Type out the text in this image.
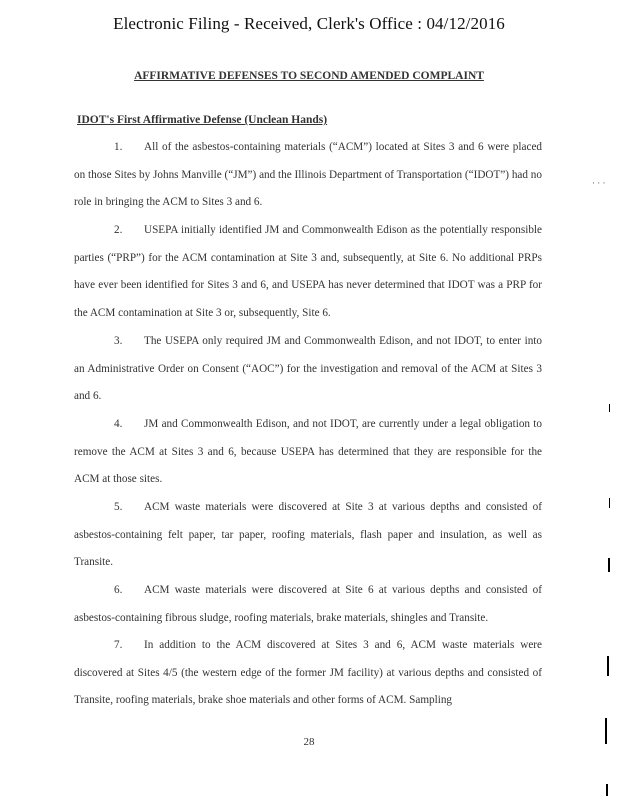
Electronic Filing - Received, Clerk's Office : 04/12/2016
AFFIRMATIVE DEFENSES TO SECOND AMENDED COMPLAINT
IDOT's First Affirmative Defense (Unclean Hands)
1. All of the asbestos-containing materials (“ACM”) located at Sites 3 and 6 were placed on those Sites by Johns Manville (“JM”) and the Illinois Department of Transportation (“IDOT”) had no role in bringing the ACM to Sites 3 and 6.
2. USEPA initially identified JM and Commonwealth Edison as the potentially responsible parties (“PRP”) for the ACM contamination at Site 3 and, subsequently, at Site 6. No additional PRPs have ever been identified for Sites 3 and 6, and USEPA has never determined that IDOT was a PRP for the ACM contamination at Site 3 or, subsequently, Site 6.
3. The USEPA only required JM and Commonwealth Edison, and not IDOT, to enter into an Administrative Order on Consent (“AOC”) for the investigation and removal of the ACM at Sites 3 and 6.
4. JM and Commonwealth Edison, and not IDOT, are currently under a legal obligation to remove the ACM at Sites 3 and 6, because USEPA has determined that they are responsible for the ACM at those sites.
5. ACM waste materials were discovered at Site 3 at various depths and consisted of asbestos-containing felt paper, tar paper, roofing materials, flash paper and insulation, as well as Transite.
6. ACM waste materials were discovered at Site 6 at various depths and consisted of asbestos-containing fibrous sludge, roofing materials, brake materials, shingles and Transite.
7. In addition to the ACM discovered at Sites 3 and 6, ACM waste materials were discovered at Sites 4/5 (the western edge of the former JM facility) at various depths and consisted of Transite, roofing materials, brake shoe materials and other forms of ACM. Sampling
28
· · ·
